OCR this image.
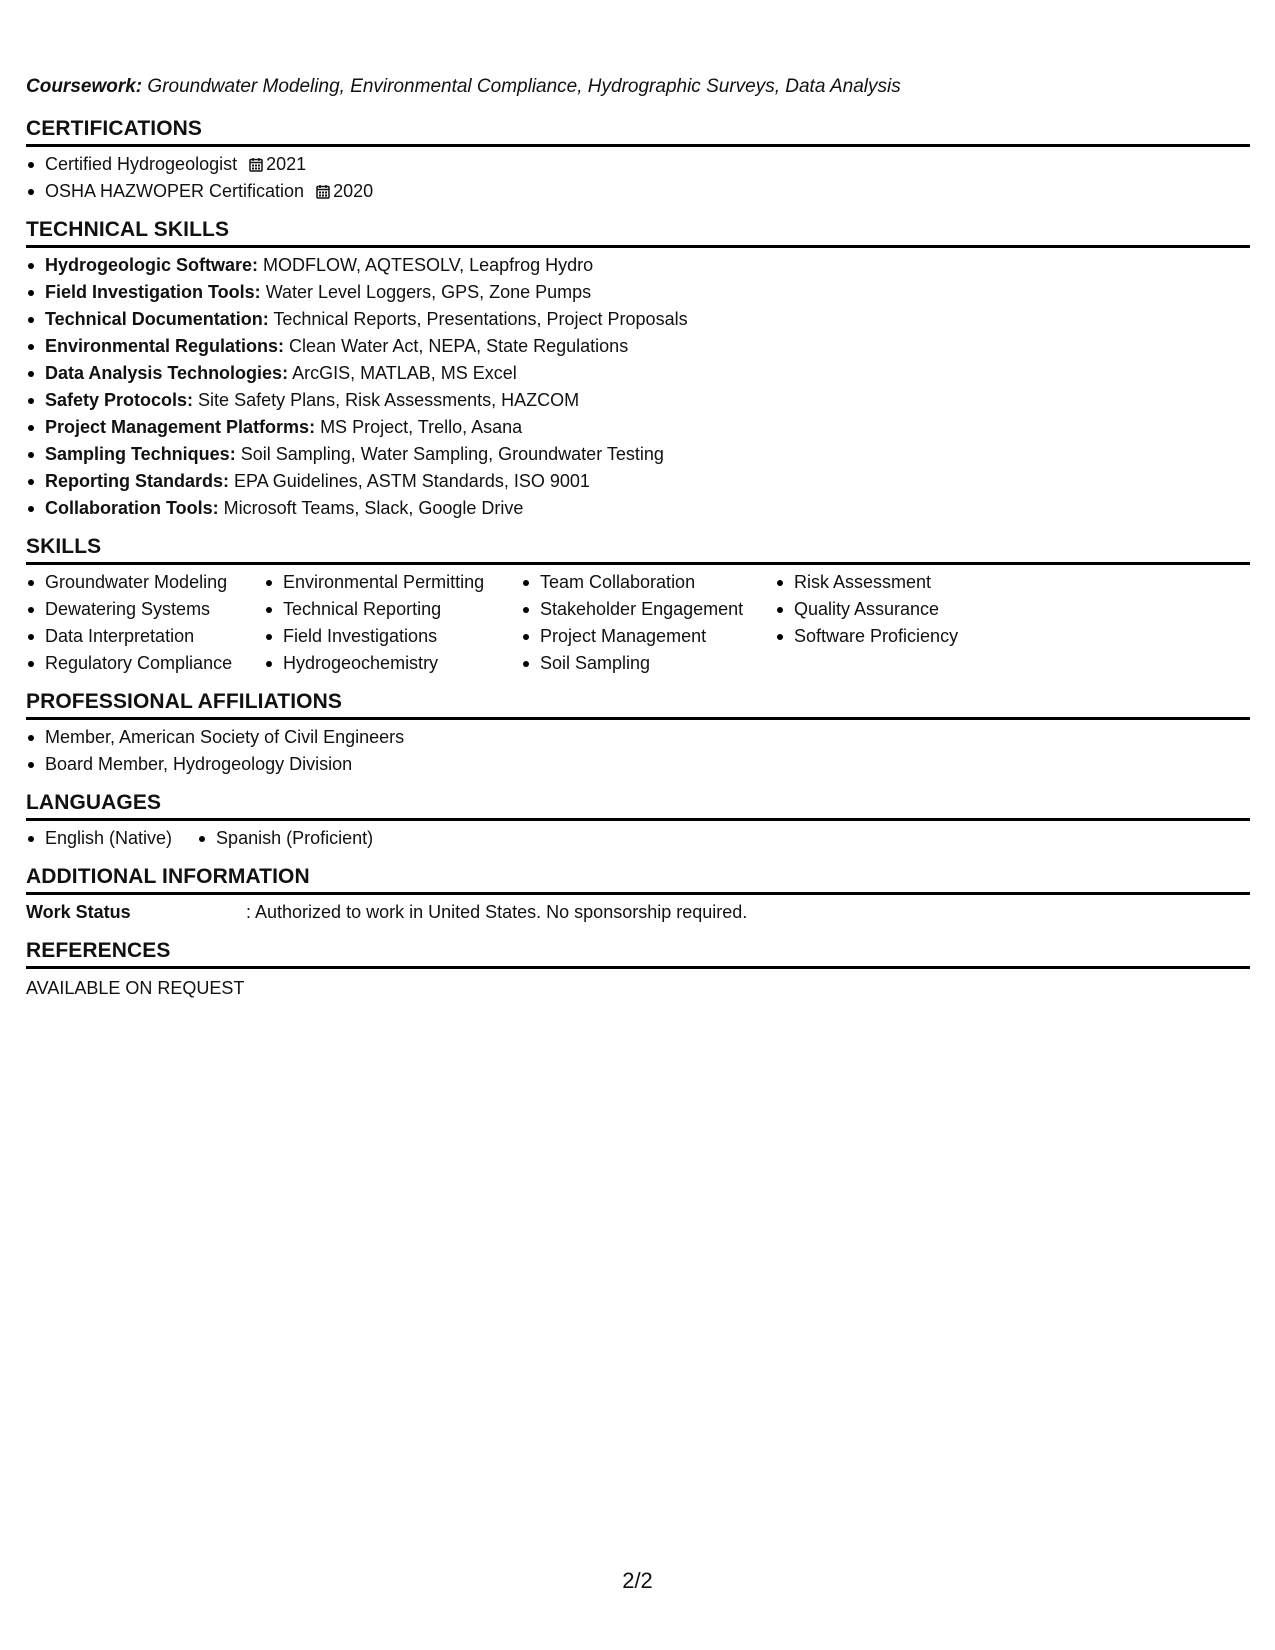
Coursework: Groundwater Modeling, Environmental Compliance, Hydrographic Surveys, Data Analysis
CERTIFICATIONS
Certified Hydrogeologist 2021
OSHA HAZWOPER Certification 2020
TECHNICAL SKILLS
Hydrogeologic Software: MODFLOW, AQTESOLV, Leapfrog Hydro
Field Investigation Tools: Water Level Loggers, GPS, Zone Pumps
Technical Documentation: Technical Reports, Presentations, Project Proposals
Environmental Regulations: Clean Water Act, NEPA, State Regulations
Data Analysis Technologies: ArcGIS, MATLAB, MS Excel
Safety Protocols: Site Safety Plans, Risk Assessments, HAZCOM
Project Management Platforms: MS Project, Trello, Asana
Sampling Techniques: Soil Sampling, Water Sampling, Groundwater Testing
Reporting Standards: EPA Guidelines, ASTM Standards, ISO 9001
Collaboration Tools: Microsoft Teams, Slack, Google Drive
SKILLS
Groundwater Modeling
Dewatering Systems
Data Interpretation
Regulatory Compliance
Environmental Permitting
Technical Reporting
Field Investigations
Hydrogeochemistry
Team Collaboration
Stakeholder Engagement
Project Management
Soil Sampling
Risk Assessment
Quality Assurance
Software Proficiency
PROFESSIONAL AFFILIATIONS
Member, American Society of Civil Engineers
Board Member, Hydrogeology Division
LANGUAGES
English (Native)	Spanish (Proficient)
ADDITIONAL INFORMATION
Work Status	: Authorized to work in United States. No sponsorship required.
REFERENCES
AVAILABLE ON REQUEST
2/2
